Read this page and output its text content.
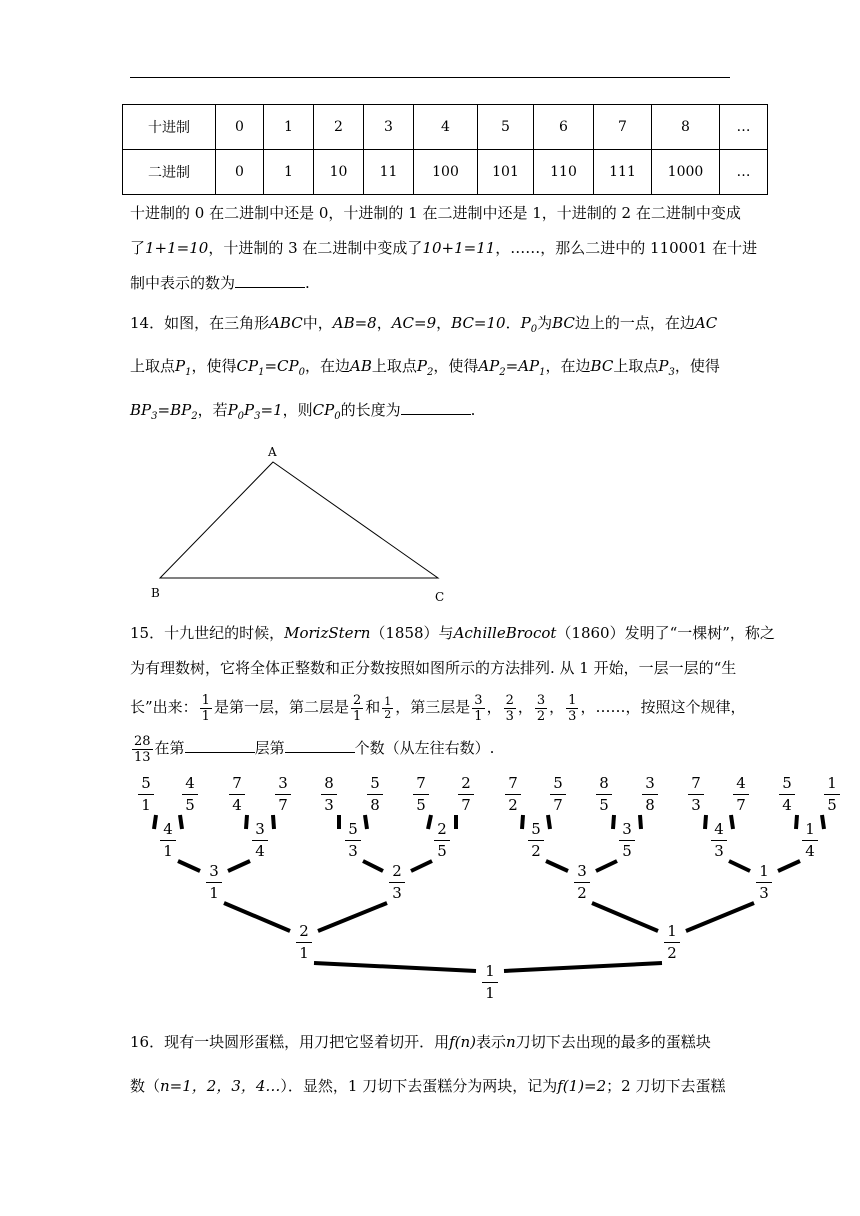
十进制	0	1	2	3	4	5	6	7	8	…
二进制	0	1	10	11	100	101	110	111	1000	…
十进制的 0 在二进制中还是 0，十进制的 1 在二进制中还是 1，十进制的 2 在二进制中变成
了1+1=10，十进制的 3 在二进制中变成了10+1=11，……，那么二进中的 110001 在十进
制中表示的数为	.
14．如图，在三角形ABC中，AB=8，AC=9，BC=10．$P_0$为BC边上的一点，在边AC
上取点$P_1$，使得$CP_1=CP_0$，在边AB上取点$P_2$，使得$AP_2=AP_1$，在边BC上取点$P_3$，使得
$BP_3=BP_2$，若$P_0P_3=1$，则$CP_0$的长度为	.
A
B	C
15．十九世纪的时候，MorizStern（1858）与AchilleBrocot（1860）发明了“一棵树”，称之
为有理数树，它将全体正整数和正分数按照如图所示的方法排列. 从 1 开始，一层一层的“生
长”出来： $\frac{1}{1}$ 是第一层，第二层是 $\frac{2}{1}$ 和 $\frac{1}{2}$ ，第三层是 $\frac{3}{1}$ ， $\frac{2}{3}$ ， $\frac{3}{2}$ ， $\frac{1}{3}$ ，……，按照这个规律，
$\frac{28}{13}$ 在第	层第	个数（从左往右数）.
1
1
2
1
1
2
3
1
2
3
3
2
1
3
4
1
3
4
5
3
2
5
5
2
3
5
4
3
1
4
5
1
4
5
7
4
3
7
8
3
5
8
7
5
2
7
7
2
5
7
8
5
3
8
7
3
4
7
5
4
1
5
16．现有一块圆形蛋糕，用刀把它竖着切开．用f(n)表示n刀切下去出现的最多的蛋糕块
数（n=1，2，3，4…）．显然，1 刀切下去蛋糕分为两块，记为f(1)=2；2 刀切下去蛋糕
